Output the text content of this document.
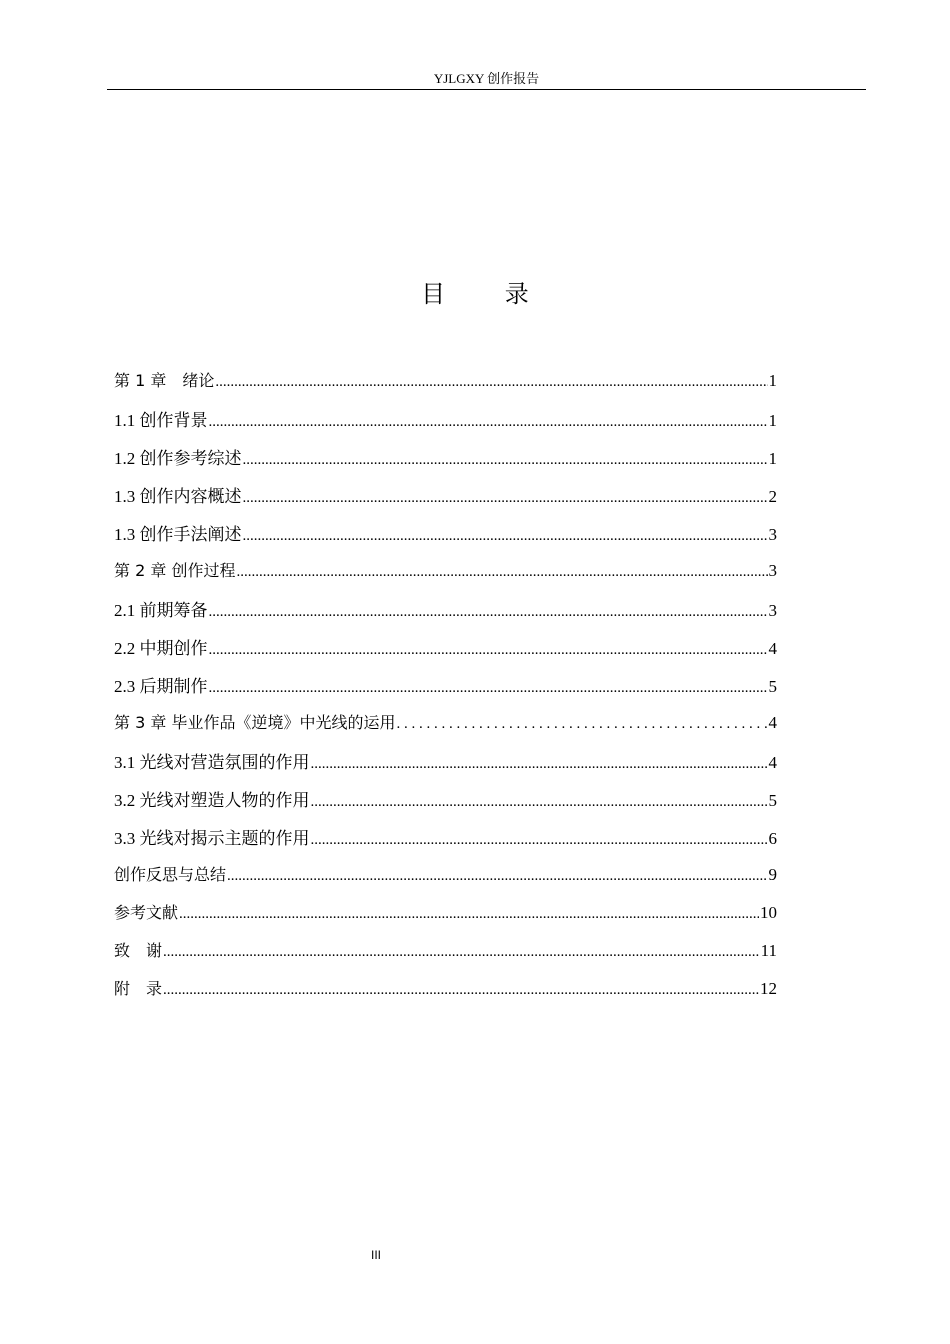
YJLGXY 创作报告
目 录
第 1 章　绪论 .....	1
1.1 创作背景 .....	1
1.2 创作参考综述 .....	1
1.3 创作内容概述 .....	2
1.3 创作手法阐述 .....	3
第 2 章 创作过程 .....	3
2.1 前期筹备 .....	3
2.2 中期创作 .....	4
2.3 后期制作 .....	5
第 3 章 毕业作品《逆境》中光线的运用 . . .	4
3.1 光线对营造氛围的作用 .....	4
3.2 光线对塑造人物的作用 .....	5
3.3 光线对揭示主题的作用 .....	6
创作反思与总结 .....	9
参考文献 .....	10
致　谢 .....	11
附　录 .....	12
III
